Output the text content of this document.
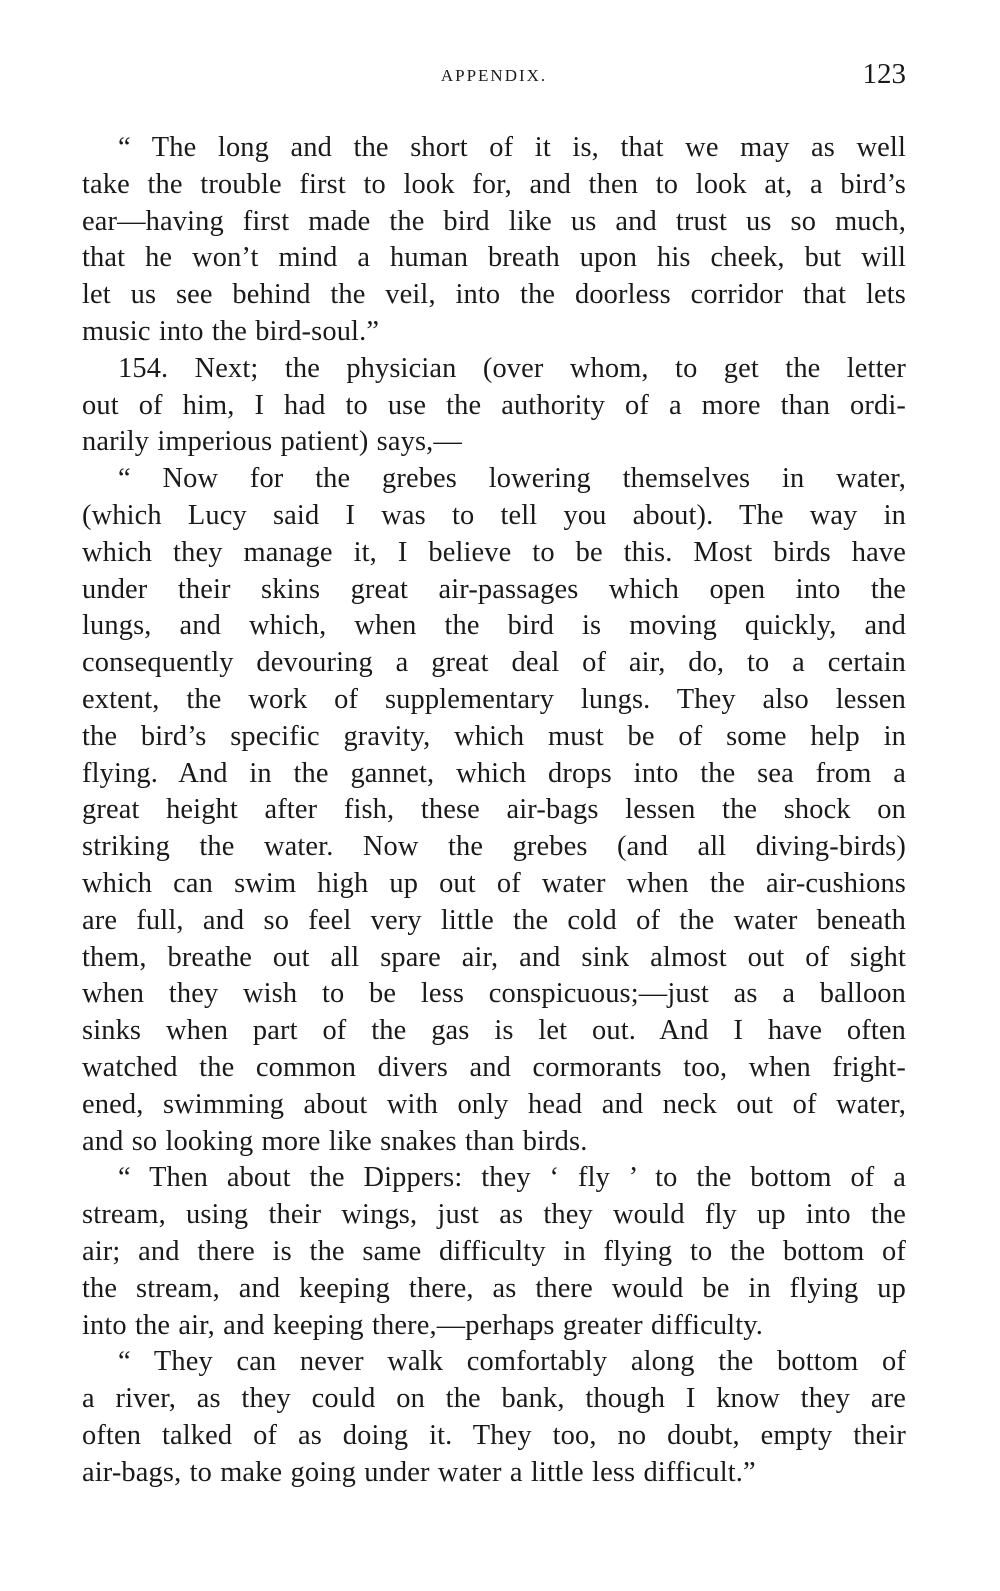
APPENDIX.	123

“ The long and the short of it is, that we may as well
take the trouble first to look for, and then to look at, a bird’s
ear—having first made the bird like us and trust us so much,
that he won’t mind a human breath upon his cheek, but will
let us see behind the veil, into the doorless corridor that lets
music into the bird-soul.”

154. Next; the physician (over whom, to get the letter
out of him, I had to use the authority of a more than ordi-
narily imperious patient) says,—

“ Now for the grebes lowering themselves in water,
(which Lucy said I was to tell you about). The way in
which they manage it, I believe to be this. Most birds have
under their skins great air-passages which open into the
lungs, and which, when the bird is moving quickly, and
consequently devouring a great deal of air, do, to a certain
extent, the work of supplementary lungs. They also lessen
the bird’s specific gravity, which must be of some help in
flying. And in the gannet, which drops into the sea from a
great height after fish, these air-bags lessen the shock on
striking the water. Now the grebes (and all diving-birds)
which can swim high up out of water when the air-cushions
are full, and so feel very little the cold of the water beneath
them, breathe out all spare air, and sink almost out of sight
when they wish to be less conspicuous;—just as a balloon
sinks when part of the gas is let out. And I have often
watched the common divers and cormorants too, when fright-
ened, swimming about with only head and neck out of water,
and so looking more like snakes than birds.

“ Then about the Dippers: they ‘ fly ’ to the bottom of a
stream, using their wings, just as they would fly up into the
air; and there is the same difficulty in flying to the bottom of
the stream, and keeping there, as there would be in flying up
into the air, and keeping there,—perhaps greater difficulty.

“ They can never walk comfortably along the bottom of
a river, as they could on the bank, though I know they are
often talked of as doing it. They too, no doubt, empty their
air-bags, to make going under water a little less difficult.”
